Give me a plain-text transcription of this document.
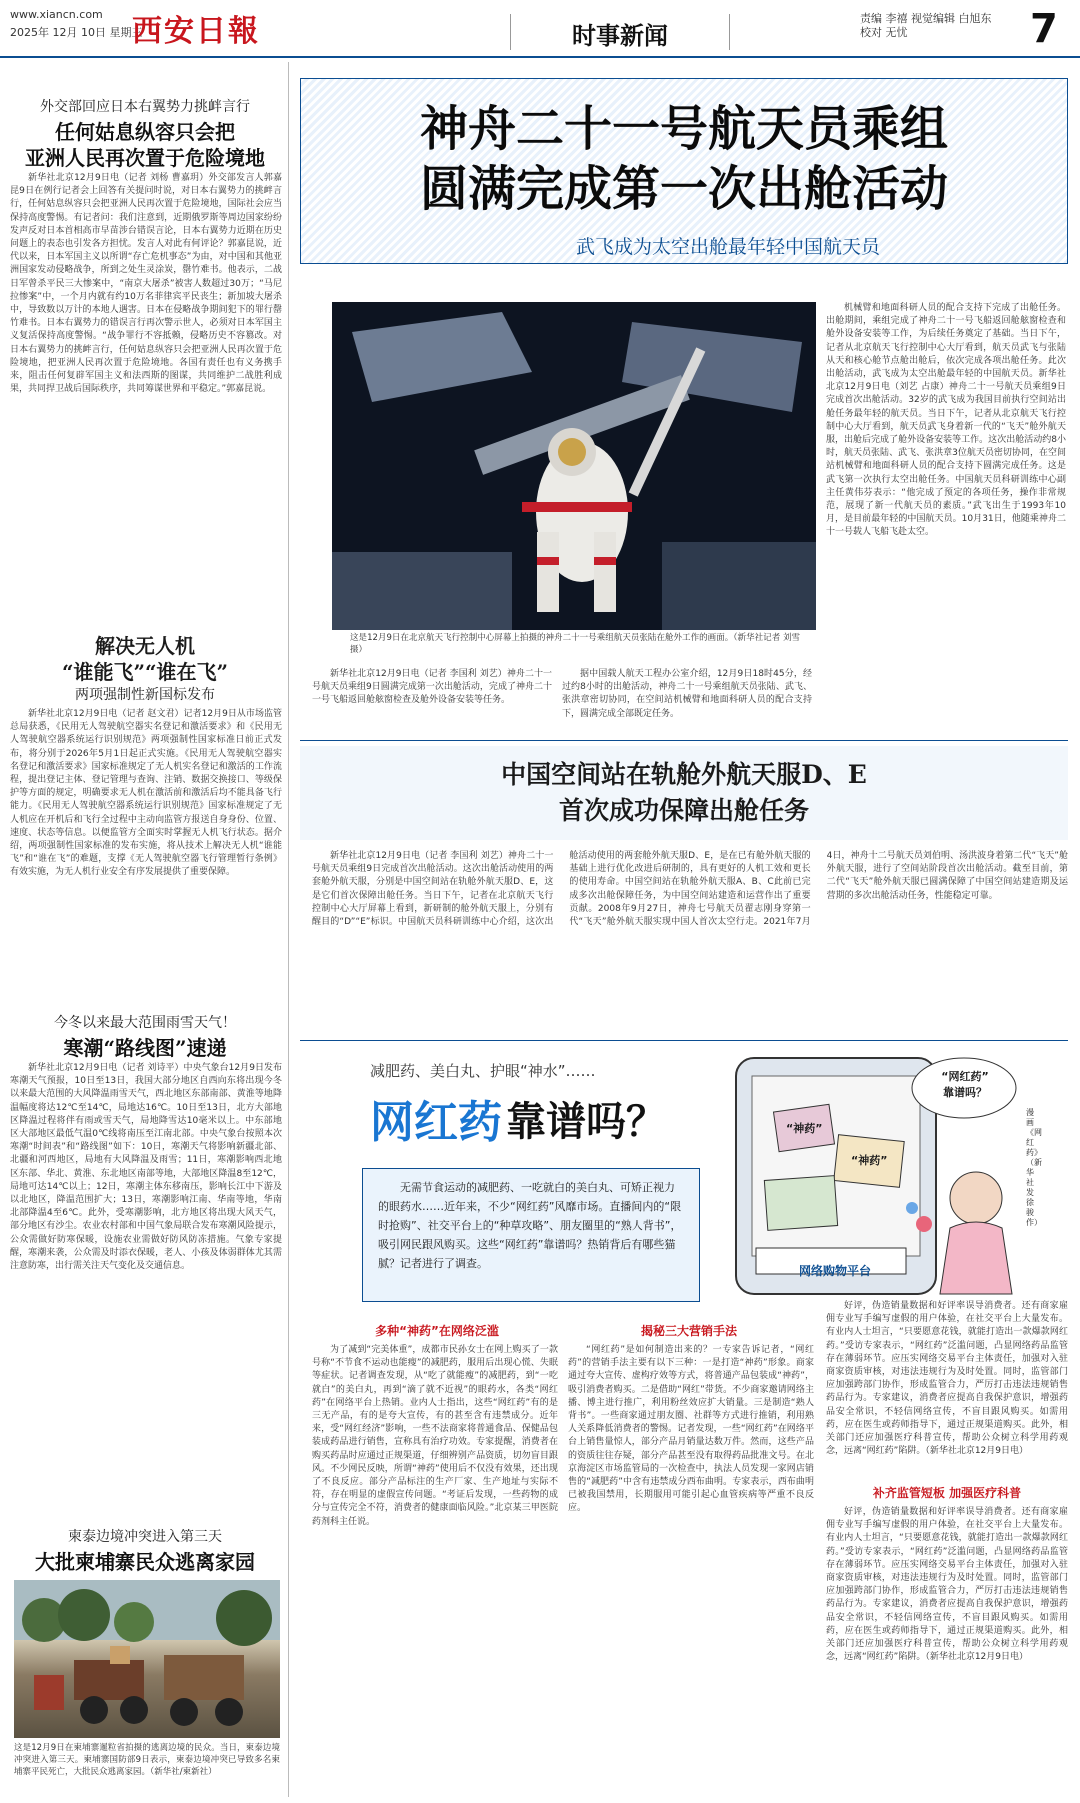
www.xiancn.com
2025年 12月 10日 星期三
西安日報	时事新闻
责编 李禧 视觉编辑 白旭东
校对 无忧	7
外交部回应日本右翼势力挑衅言行
任何姑息纵容只会把
亚洲人民再次置于危险境地
新华社北京12月9日电（记者 刘杨 曹嘉玥）外交部发言人郭嘉昆9日在例行记者会上回答有关提问时说，对日本右翼势力的挑衅言行，任何姑息纵容只会把亚洲人民再次置于危险境地，国际社会应当保持高度警惕。有记者问：我们注意到，近期俄罗斯等周边国家纷纷发声反对日本首相高市早苗涉台错误言论，日本右翼势力近期在历史问题上的表态也引发各方担忧。发言人对此有何评论？郭嘉昆说，近代以来，日本军国主义以所谓“存亡危机事态”为由，对中国和其他亚洲国家发动侵略战争，所到之处生灵涂炭，罄竹难书。他表示，二战日军曾杀平民三大惨案中，“南京大屠杀”被害人数超过30万；“马尼拉惨案”中，一个月内就有约10万名菲律宾平民丧生；新加坡大屠杀中，导致数以万计的本地人遇害。日本在侵略战争期间犯下的罪行罄竹难书。日本右翼势力的错误言行再次警示世人，必须对日本军国主义复活保持高度警惕。“战争罪行不容抵赖，侵略历史不容篡改。对日本右翼势力的挑衅言行，任何姑息纵容只会把亚洲人民再次置于危险境地，把亚洲人民再次置于危险境地。各国有责任也有义务携手来，阻击任何复辟军国主义和法西斯的图谋，共同维护二战胜利成果，共同捍卫战后国际秩序，共同筹谋世界和平稳定。”郭嘉昆说。
解决无人机
“谁能飞”“谁在飞”
两项强制性新国标发布
新华社北京12月9日电（记者 赵文君）记者12月9日从市场监管总局获悉，《民用无人驾驶航空器实名登记和激活要求》和《民用无人驾驶航空器系统运行识别规范》两项强制性国家标准日前正式发布，将分别于2026年5月1日起正式实施。《民用无人驾驶航空器实名登记和激活要求》国家标准规定了无人机实名登记和激活的工作流程，提出登记主体、登记管理与查询、注销、数据交换接口、等级保护等方面的规定，明确要求无人机在激活前和激活后均不能具备飞行能力。《民用无人驾驶航空器系统运行识别规范》国家标准规定了无人机应在开机后和飞行全过程中主动向监管方报送自身身份、位置、速度、状态等信息。以便监管方全面实时掌握无人机飞行状态。据介绍，两项强制性国家标准的发布实施，将从技术上解决无人机“谁能飞”和“谁在飞”的难题，支撑《无人驾驶航空器飞行管理暂行条例》有效实施，为无人机行业安全有序发展提供了重要保障。
今冬以来最大范围雨雪天气！
寒潮“路线图”速递
新华社北京12月9日电（记者 刘诗平）中央气象台12月9日发布寒潮天气预报，10日至13日，我国大部分地区自西向东将出现今冬以来最大范围的大风降温雨雪天气，西北地区东部南部、黄淮等地降温幅度将达12℃至14℃，局地达16℃。10日至13日，北方大部地区降温过程将伴有雨或雪天气，局地降雪达10毫米以上。中东部地区大部地区最低气温0℃线将南压至江南北部。中央气象台按照本次寒潮“时间表”和“路线图”如下：10日，寒潮天气将影响新疆北部、北疆和河西地区，局地有大风降温及雨雪；11日，寒潮影响西北地区东部、华北、黄淮、东北地区南部等地，大部地区降温8至12℃，局地可达14℃以上；12日，寒潮主体东移南压，影响长江中下游及以北地区，降温范围扩大；13日，寒潮影响江南、华南等地，华南北部降温4至6℃。此外，受寒潮影响，北方地区将出现大风天气，部分地区有沙尘。农业农村部和中国气象局联合发布寒潮风险提示，公众需做好防寒保暖，设施农业需做好防风防冻措施。气象专家提醒，寒潮来袭，公众需及时添衣保暖，老人、小孩及体弱群体尤其需注意防寒，出行需关注天气变化及交通信息。
柬泰边境冲突进入第三天
大批柬埔寨民众逃离家园
这是12月9日在柬埔寨暹粒省拍摄的逃离边境的民众。当日，柬泰边境冲突进入第三天。柬埔寨国防部9日表示，柬泰边境冲突已导致多名柬埔寨平民死亡，大批民众逃离家园。（新华社/柬新社）
神舟二十一号航天员乘组
圆满完成第一次出舱活动
武飞成为太空出舱最年轻中国航天员
这是12月9日在北京航天飞行控制中心屏幕上拍摄的神舟二十一号乘组航天员张陆在舱外工作的画面。（新华社记者 刘雪摄）
新华社北京12月9日电（记者 李国利 刘艺）神舟二十一号航天员乘组9日圆满完成第一次出舱活动，完成了神舟二十一号飞船返回舱舷窗检查及舱外设备安装等任务。
据中国载人航天工程办公室介绍，12月9日18时45分，经过约8小时的出舱活动，神舟二十一号乘组航天员张陆、武飞、张洪章密切协同，在空间站机械臂和地面科研人员的配合支持下，圆满完成全部既定任务。
机械臂和地面科研人员的配合支持下完成了出舱任务。出舱期间，乘组完成了神舟二十一号飞船返回舱舷窗检查和舱外设备安装等工作，为后续任务奠定了基础。当日下午，记者从北京航天飞行控制中心大厅看到，航天员武飞与张陆从天和核心舱节点舱出舱后，依次完成各项出舱任务。此次出舱活动，武飞成为太空出舱最年轻的中国航天员。新华社北京12月9日电（刘艺 占康）神舟二十一号航天员乘组9日完成首次出舱活动。32岁的武飞成为我国目前执行空间站出舱任务最年轻的航天员。当日下午，记者从北京航天飞行控制中心大厅看到，航天员武飞身着新一代的“飞天”舱外航天服，出舱后完成了舱外设备安装等工作。这次出舱活动约8小时，航天员张陆、武飞、张洪章3位航天员密切协同，在空间站机械臂和地面科研人员的配合支持下圆满完成任务。这是武飞第一次执行太空出舱任务。中国航天员科研训练中心副主任黄伟芬表示：“他完成了预定的各项任务，操作非常规范，展现了新一代航天员的素质。”武飞出生于1993年10月，是目前最年轻的中国航天员。10月31日，他随乘神舟二十一号载人飞船飞赴太空。
中国空间站在轨舱外航天服D、E
首次成功保障出舱任务
新华社北京12月9日电（记者 李国利 刘艺）神舟二十一号航天员乘组9日完成首次出舱活动。这次出舱活动使用的两套舱外航天服，分别是中国空间站在轨舱外航天服D、E，这是它们首次保障出舱任务。当日下午，记者在北京航天飞行控制中心大厅屏幕上看到，新研制的舱外航天服上，分别有醒目的“D”“E”标识。中国航天员科研训练中心介绍，这次出舱活动使用的两套舱外航天服D、E，是在已有舱外航天服的基础上进行优化改进后研制的，具有更好的人机工效和更长的使用寿命。中国空间站在轨舱外航天服A、B、C此前已完成多次出舱保障任务，为中国空间站建造和运营作出了重要贡献。2008年9月27日，神舟七号航天员翟志刚身穿第一代“飞天”舱外航天服实现中国人首次太空行走。2021年7月4日，神舟十二号航天员刘伯明、汤洪波身着第二代“飞天”舱外航天服，进行了空间站阶段首次出舱活动。截至目前，第二代“飞天”舱外航天服已圆满保障了中国空间站建造期及运营期的多次出舱活动任务，性能稳定可靠。
减肥药、美白丸、护眼“神水”……
网红药 靠谱吗？
无需节食运动的减肥药、一吃就白的美白丸、可矫正视力的眼药水……近年来，不少“网红药”风靡市场。直播间内的“限时抢购”、社交平台上的“种草攻略”、朋友圈里的“熟人背书”，吸引网民跟风购买。这些“网红药”靠谱吗？热销背后有哪些猫腻？记者进行了调查。
“网红药”
靠谱吗？
“神药”
“神药”
网络购物平台
漫画《网红药》（新华社发 徐骏 作）
多种“神药”在网络泛滥	揭秘三大营销手法
为了减到“完美体重”，成都市民孙女士在网上购买了一款号称“不节食不运动也能瘦”的减肥药，服用后出现心慌、失眠等症状。记者调查发现，从“吃了就能瘦”的减肥药，到“一吃就白”的美白丸，再到“滴了就不近视”的眼药水，各类“网红药”在网络平台上热销。业内人士指出，这些“网红药”有的是三无产品，有的是夸大宣传，有的甚至含有违禁成分。近年来，受“网红经济”影响，一些不法商家将普通食品、保健品包装成药品进行销售，宣称具有治疗功效。专家提醒，消费者在购买药品时应通过正规渠道，仔细辨别产品资质，切勿盲目跟风。不少网民反映，所谓“神药”使用后不仅没有效果，还出现了不良反应。部分产品标注的生产厂家、生产地址与实际不符，存在明显的虚假宣传问题。“考证后发现，一些药物的成分与宣传完全不符，消费者的健康面临风险。”北京某三甲医院药剂科主任说。
“网红药”是如何制造出来的？一专家告诉记者，“网红药”的营销手法主要有以下三种：一是打造“神药”形象。商家通过夸大宣传、虚构疗效等方式，将普通产品包装成“神药”，吸引消费者购买。二是借助“网红”带货。不少商家邀请网络主播、博主进行推广，利用粉丝效应扩大销量。三是制造“熟人背书”。一些商家通过朋友圈、社群等方式进行推销，利用熟人关系降低消费者的警惕。记者发现，一些“网红药”在网络平台上销售量惊人，部分产品月销量达数万件。然而，这些产品的资质往往存疑，部分产品甚至没有取得药品批准文号。在北京海淀区市场监管局的一次检查中，执法人员发现一家网店销售的“减肥药”中含有违禁成分西布曲明。专家表示，西布曲明已被我国禁用，长期服用可能引起心血管疾病等严重不良反应。
好评，伪造销量数据和好评率误导消费者。还有商家雇佣专业写手编写虚假的用户体验，在社交平台上大量发布。有业内人士坦言，“只要愿意花钱，就能打造出一款爆款网红药。”受访专家表示，“网红药”泛滥问题，凸显网络药品监管存在薄弱环节。应压实网络交易平台主体责任，加强对入驻商家资质审核，对违法违规行为及时处置。同时，监管部门应加强跨部门协作，形成监管合力，严厉打击违法违规销售药品行为。专家建议，消费者应提高自我保护意识，增强药品安全常识，不轻信网络宣传，不盲目跟风购买。如需用药，应在医生或药师指导下，通过正规渠道购买。此外，相关部门还应加强医疗科普宣传，帮助公众树立科学用药观念，远离“网红药”陷阱。（新华社北京12月9日电）
补齐监管短板 加强医疗科普
好评，伪造销量数据和好评率误导消费者。还有商家雇佣专业写手编写虚假的用户体验，在社交平台上大量发布。有业内人士坦言，“只要愿意花钱，就能打造出一款爆款网红药。”受访专家表示，“网红药”泛滥问题，凸显网络药品监管存在薄弱环节。应压实网络交易平台主体责任，加强对入驻商家资质审核，对违法违规行为及时处置。同时，监管部门应加强跨部门协作，形成监管合力，严厉打击违法违规销售药品行为。专家建议，消费者应提高自我保护意识，增强药品安全常识，不轻信网络宣传，不盲目跟风购买。如需用药，应在医生或药师指导下，通过正规渠道购买。此外，相关部门还应加强医疗科普宣传，帮助公众树立科学用药观念，远离“网红药”陷阱。（新华社北京12月9日电）
